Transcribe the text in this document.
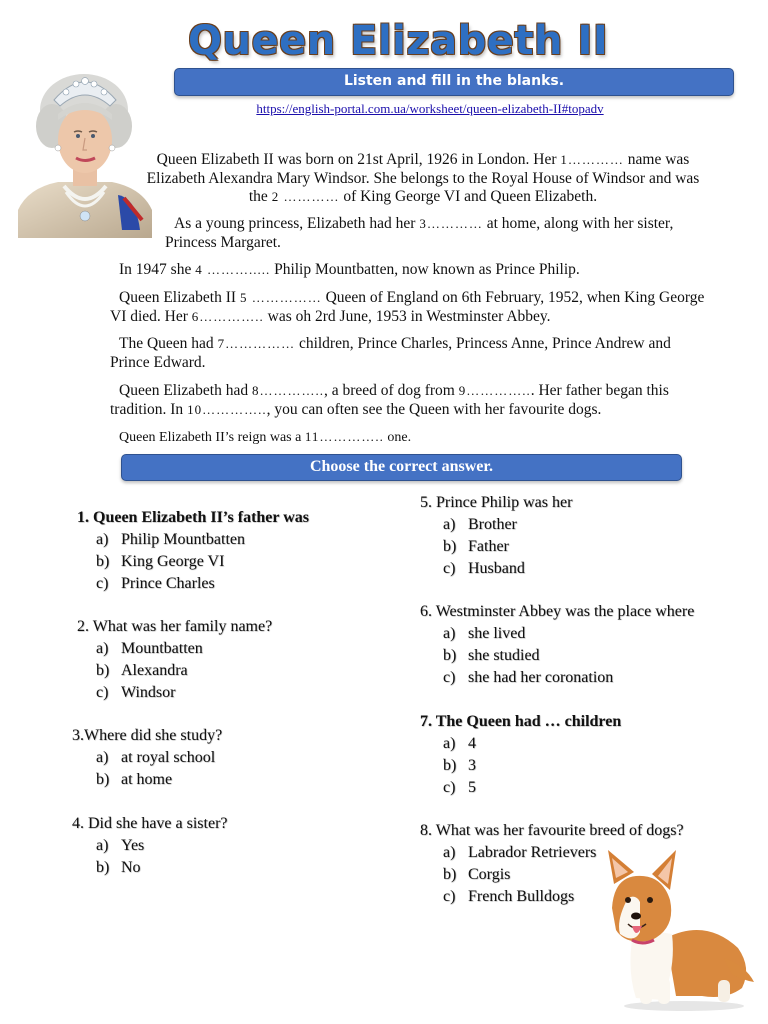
Queen Elizabeth II
Listen and fill in the blanks.
https://english-portal.com.ua/worksheet/queen-elizabeth-II#topadv
Queen Elizabeth II was born on 21st April, 1926 in London. Her 1………… name was Elizabeth Alexandra Mary Windsor. She belongs to the Royal House of Windsor and was the 2 ………… of King George VI and Queen Elizabeth.
As a young princess, Elizabeth had her 3………… at home, along with her sister, Princess Margaret.
In 1947 she 4 ………..... Philip Mountbatten, now known as Prince Philip.
Queen Elizabeth II 5 …………… Queen of England on 6th February, 1952, when King George VI died. Her 6………….. was oh 2rd June, 1953 in Westminster Abbey.
The Queen had 7…………… children, Prince Charles, Princess Anne, Prince Andrew and Prince Edward.
Queen Elizabeth had 8………….., a breed of dog from 9…………... Her father began this tradition. In 10………….., you can often see the Queen with her favourite dogs.
Queen Elizabeth II’s reign was a 11………….. one.
Choose the correct answer.
1. Queen Elizabeth II’s father was
a) Philip Mountbatten
b) King George VI
c) Prince Charles
2. What was her family name?
a) Mountbatten
b) Alexandra
c) Windsor
3.Where did she study?
a) at royal school
b) at home
4. Did she have a sister?
a) Yes
b) No
5. Prince Philip was her
a) Brother
b) Father
c) Husband
6. Westminster Abbey was the place where
a) she lived
b) she studied
c) she had her coronation
7. The Queen had … children
a) 4
b) 3
c) 5
8. What was her favourite breed of dogs?
a) Labrador Retrievers
b) Corgis
c) French Bulldogs
